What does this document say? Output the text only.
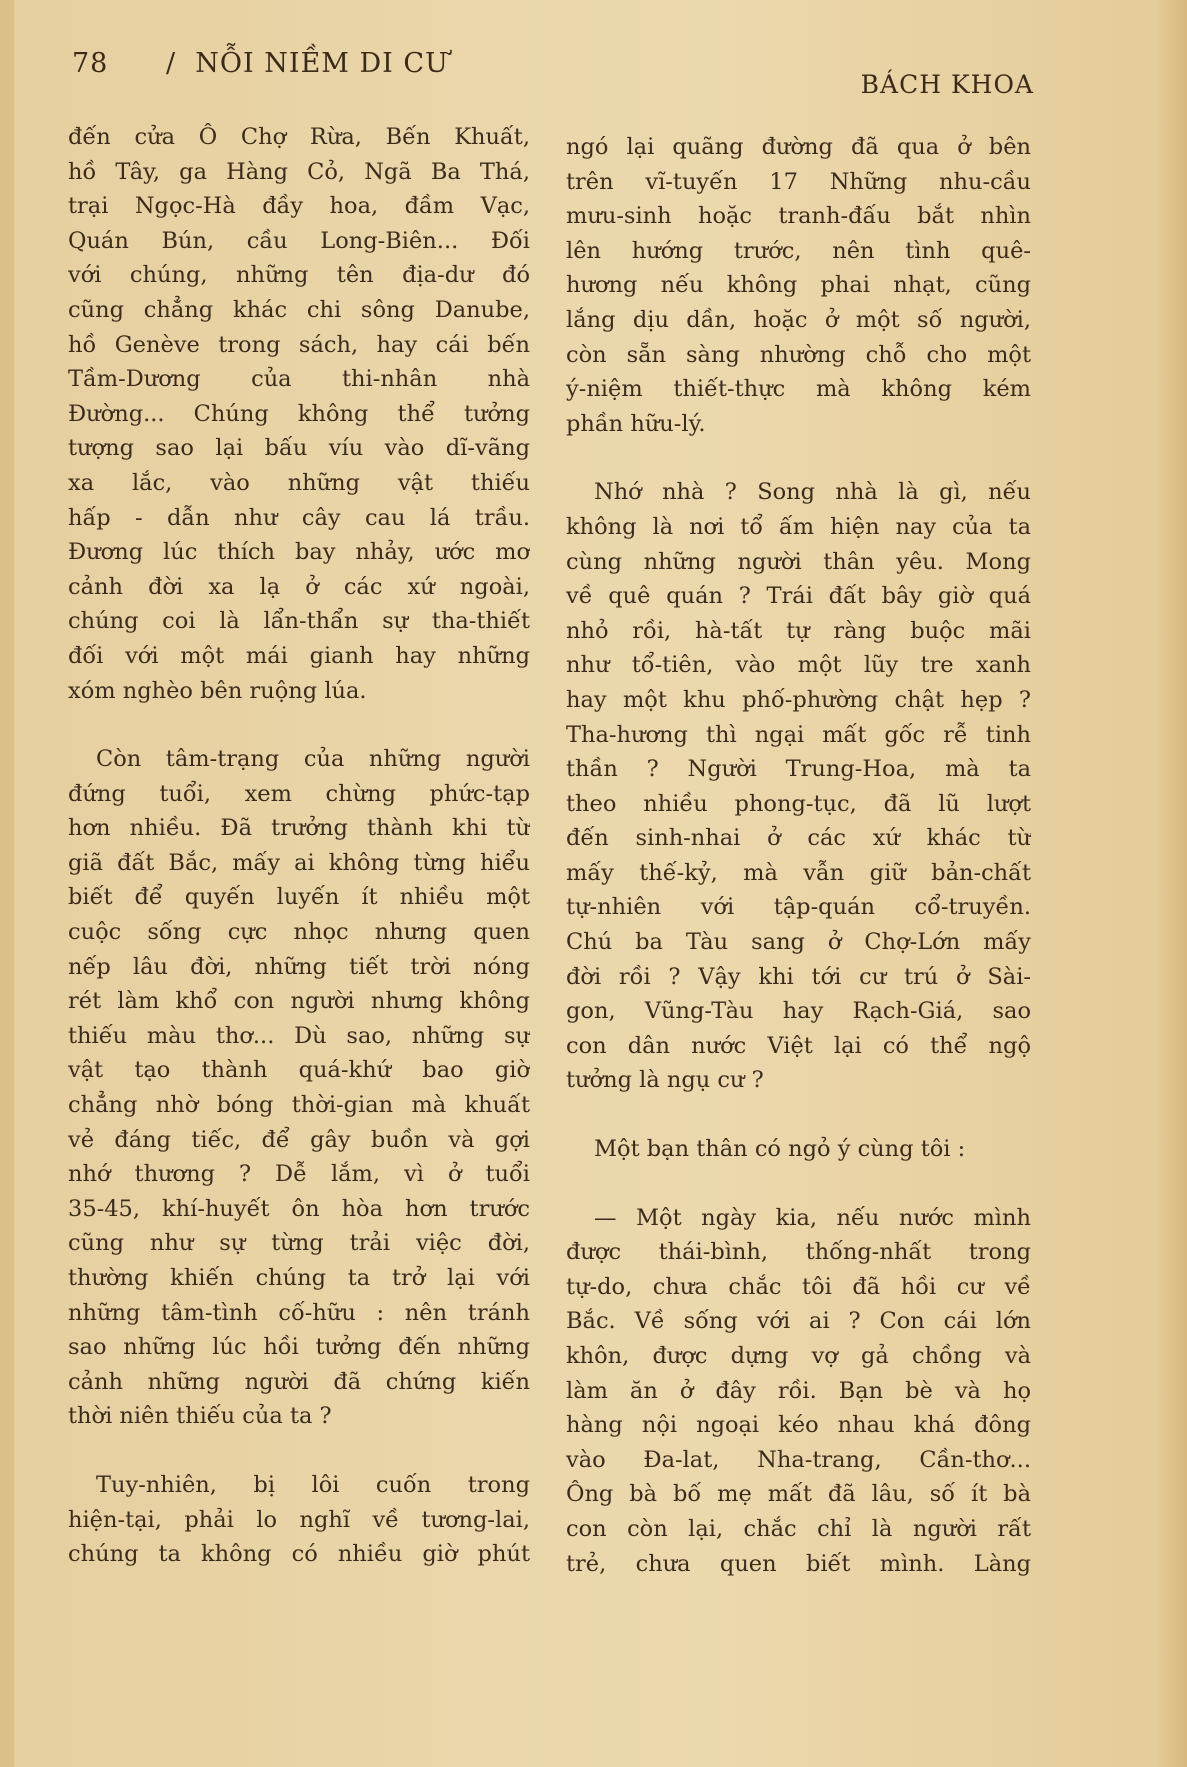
78 / NỖI NIỀM DI CƯ
BÁCH KHOA
đến cửa Ô Chợ Rừa, Bến Khuất,
hồ Tây, ga Hàng Cỏ, Ngã Ba Thá,
trại Ngọc-Hà đầy hoa, đầm Vạc,
Quán Bún, cầu Long-Biên... Đối
với chúng, những tên địa-dư đó
cũng chẳng khác chi sông Danube,
hồ Genève trong sách, hay cái bến
Tầm-Dương của thi-nhân nhà
Đường... Chúng không thể tưởng
tượng sao lại bấu víu vào dĩ-vãng
xa lắc, vào những vật thiếu
hấp - dẫn như cây cau lá trầu.
Đương lúc thích bay nhảy, ước mơ
cảnh đời xa lạ ở các xứ ngoài,
chúng coi là lẩn-thẩn sự tha-thiết
đối với một mái gianh hay những
xóm nghèo bên ruộng lúa.
Còn tâm-trạng của những người
đứng tuổi, xem chừng phức-tạp
hơn nhiều. Đã trưởng thành khi từ
giã đất Bắc, mấy ai không từng hiểu
biết để quyến luyến ít nhiều một
cuộc sống cực nhọc nhưng quen
nếp lâu đời, những tiết trời nóng
rét làm khổ con người nhưng không
thiếu màu thơ... Dù sao, những sự
vật tạo thành quá-khứ bao giờ
chẳng nhờ bóng thời-gian mà khuất
vẻ đáng tiếc, để gây buồn và gợi
nhớ thương ? Dễ lắm, vì ở tuổi
35-45, khí-huyết ôn hòa hơn trước
cũng như sự từng trải việc đời,
thường khiến chúng ta trở lại với
những tâm-tình cố-hữu : nên tránh
sao những lúc hồi tưởng đến những
cảnh những người đã chứng kiến
thời niên thiếu của ta ?
Tuy-nhiên, bị lôi cuốn trong
hiện-tại, phải lo nghĩ về tương-lai,
chúng ta không có nhiều giờ phút
ngó lại quãng đường đã qua ở bên
trên vĩ-tuyến 17 Những nhu-cầu
mưu-sinh hoặc tranh-đấu bắt nhìn
lên hướng trước, nên tình quê-
hương nếu không phai nhạt, cũng
lắng dịu dần, hoặc ở một số người,
còn sẵn sàng nhường chỗ cho một
ý-niệm thiết-thực mà không kém
phần hữu-lý.
Nhớ nhà ? Song nhà là gì, nếu
không là nơi tổ ấm hiện nay của ta
cùng những người thân yêu. Mong
về quê quán ? Trái đất bây giờ quá
nhỏ rồi, hà-tất tự ràng buộc mãi
như tổ-tiên, vào một lũy tre xanh
hay một khu phố-phường chật hẹp ?
Tha-hương thì ngại mất gốc rễ tinh
thần ? Người Trung-Hoa, mà ta
theo nhiều phong-tục, đã lũ lượt
đến sinh-nhai ở các xứ khác từ
mấy thế-kỷ, mà vẫn giữ bản-chất
tự-nhiên với tập-quán cổ-truyền.
Chú ba Tàu sang ở Chợ-Lớn mấy
đời rồi ? Vậy khi tới cư trú ở Sài-
gon, Vũng-Tàu hay Rạch-Giá, sao
con dân nước Việt lại có thể ngộ
tưởng là ngụ cư ?
Một bạn thân có ngỏ ý cùng tôi :
— Một ngày kia, nếu nước mình
được thái-bình, thống-nhất trong
tự-do, chưa chắc tôi đã hồi cư về
Bắc. Về sống với ai ? Con cái lớn
khôn, được dựng vợ gả chồng và
làm ăn ở đây rồi. Bạn bè và họ
hàng nội ngoại kéo nhau khá đông
vào Đa-lat, Nha-trang, Cần-thơ...
Ông bà bố mẹ mất đã lâu, số ít bà
con còn lại, chắc chỉ là người rất
trẻ, chưa quen biết mình. Làng
